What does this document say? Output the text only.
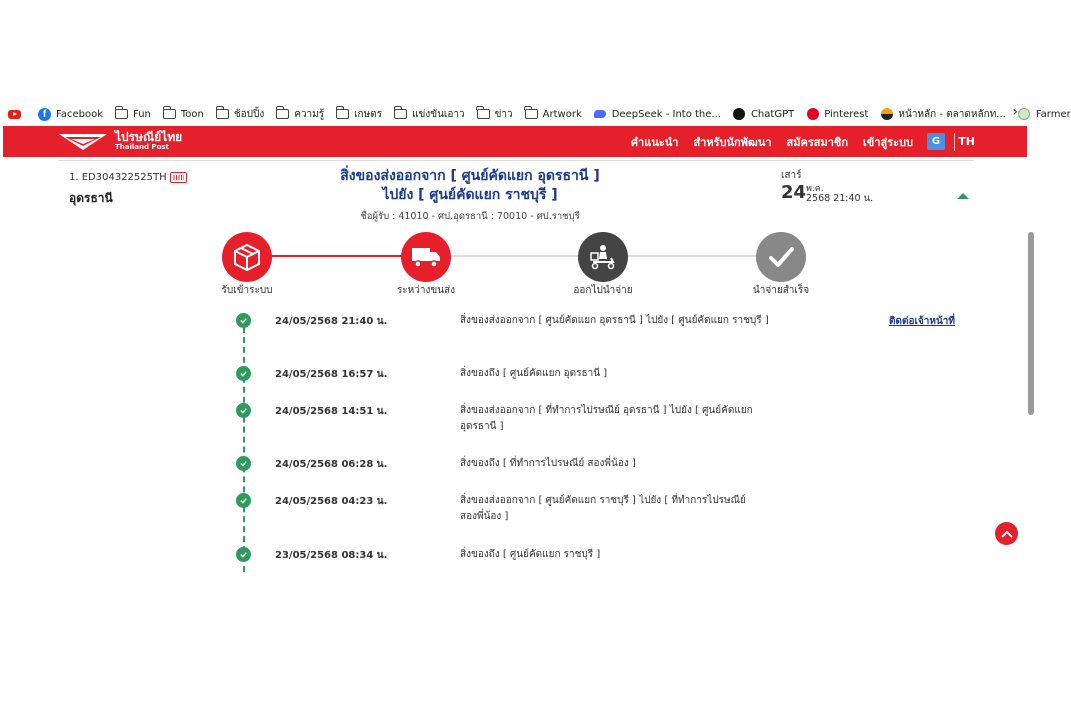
f Facebook	Fun	Toon	ช้อปปิ้ง	ความรู้	เกษตร	แข่งขันเอาว	ข่าว	Artwork	DeepSeek - Into the...	ChatGPT	Pinterest	หน้าหลัก - ตลาดหลักท...	Farmer
›
ไปรษณีย์ไทย
Thailand Post	คำแนะนำ สำหรับนักพัฒนา สมัครสมาชิก เข้าสู่ระบบ	G	TH
1. ED304322525TH
อุดรธานี
สิ่งของส่งออกจาก [ ศูนย์คัดแยก อุดรธานี ]
ไปยัง [ ศูนย์คัดแยก ราชบุรี ]
ชื่อผู้รับ : 41010 - ศป.อุดรธานี : 70010 - ศป.ราชบุรี
เสาร์
24 พ.ค.
2568 21:40 น.
รับเข้าระบบ	ระหว่างขนส่ง	ออกไปนำจ่าย	นำจ่ายสำเร็จ
24/05/2568 21:40 น.	สิ่งของส่งออกจาก [ ศูนย์คัดแยก อุดรธานี ] ไปยัง [ ศูนย์คัดแยก ราชบุรี ]	ติดต่อเจ้าหน้าที่
24/05/2568 16:57 น.	สิ่งของถึง [ ศูนย์คัดแยก อุดรธานี ]
24/05/2568 14:51 น.	สิ่งของส่งออกจาก [ ที่ทำการไปรษณีย์ อุดรธานี ] ไปยัง [ ศูนย์คัดแยก อุดรธานี ]
24/05/2568 06:28 น.	สิ่งของถึง [ ที่ทำการไปรษณีย์ สองพี่น้อง ]
24/05/2568 04:23 น.	สิ่งของส่งออกจาก [ ศูนย์คัดแยก ราชบุรี ] ไปยัง [ ที่ทำการไปรษณีย์ สองพี่น้อง ]
23/05/2568 08:34 น.	สิ่งของถึง [ ศูนย์คัดแยก ราชบุรี ]
